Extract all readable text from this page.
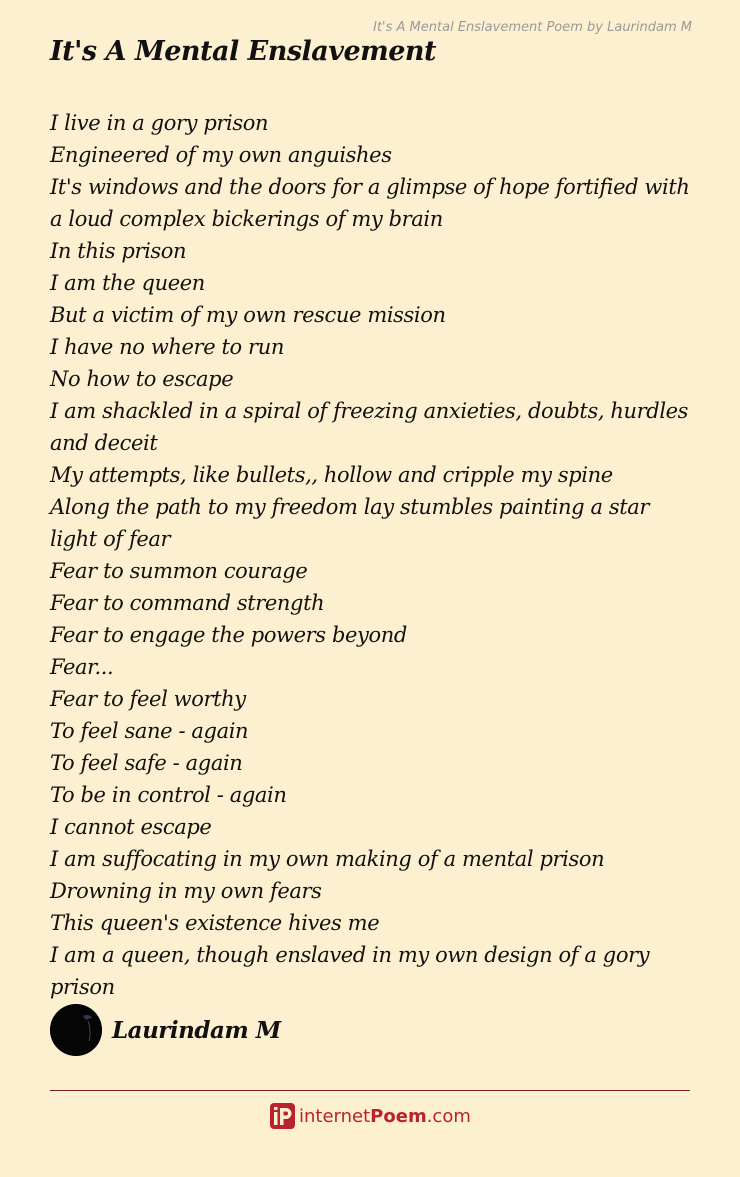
It's A Mental Enslavement Poem by Laurindam M
It's A Mental Enslavement
I live in a gory prison
Engineered of my own anguishes
It's windows and the doors for a glimpse of hope fortified with a loud complex bickerings of my brain
In this prison
I am the queen
But a victim of my own rescue mission
I have no where to run
No how to escape
I am shackled in a spiral of freezing anxieties, doubts, hurdles and deceit
My attempts, like bullets,, hollow and cripple my spine
Along the path to my freedom lay stumbles painting a star light of fear
Fear to summon courage
Fear to command strength
Fear to engage the powers beyond
Fear...
Fear to feel worthy
To feel sane - again
To feel safe - again
To be in control - again
I cannot escape
I am suffocating in my own making of a mental prison
Drowning in my own fears
This queen's existence hives me
I am a queen, though enslaved in my own design of a gory prison
Laurindam M
internetPoem.com
